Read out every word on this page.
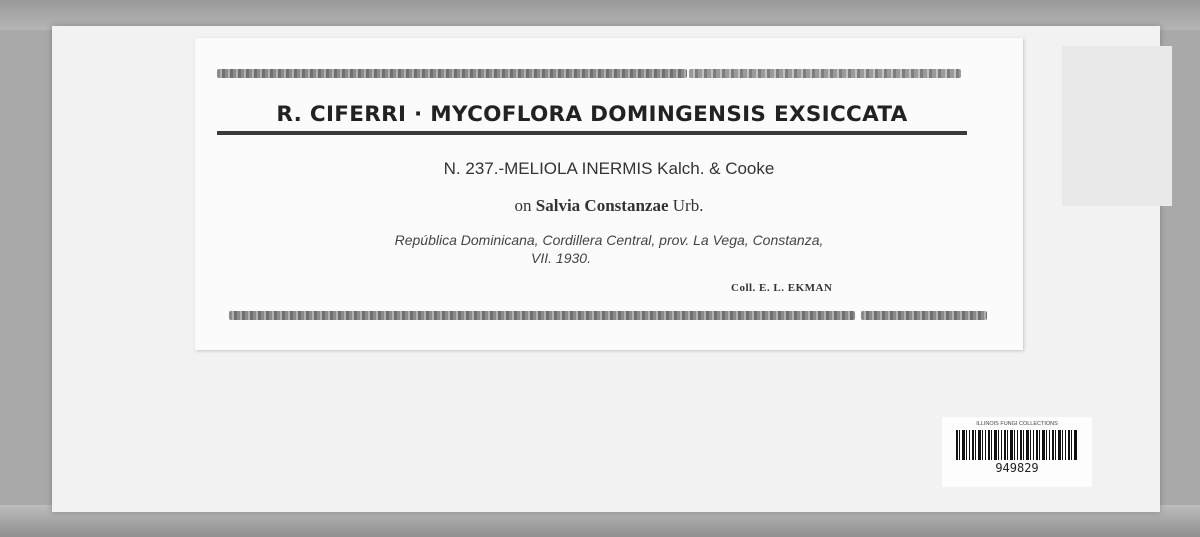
ILLINOIS FUNGI COLLECTIONS
949829
R. CIFERRI · MYCOFLORA DOMINGENSIS EXSICCATA
N. 237.-MELIOLA INERMIS Kalch. & Cooke
on Salvia Constanzae Urb.
República Dominicana, Cordillera Central, prov. La Vega, Constanza,
VII. 1930.
Coll. E. L. EKMAN
